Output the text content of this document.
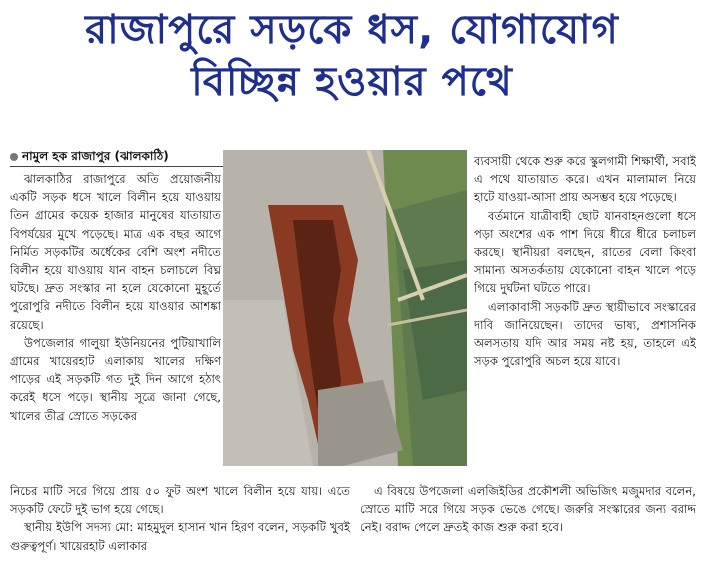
রাজাপুরে সড়কে ধস, যোগাযোগ
বিচ্ছিন্ন হওয়ার পথে
নামুল হক রাজাপুর (ঝালকাঠি)

ঝালকাঠির রাজাপুরে অতি প্রয়োজনীয় একটি সড়ক ধসে খালে বিলীন হয়ে যাওয়ায় তিন গ্রামের কয়েক হাজার মানুষের যাতায়াত বিপর্যয়ের মুখে পড়েছে। মাত্র এক বছর আগে নির্মিত সড়কটির অর্ধেকের বেশি অংশ নদীতে বিলীন হয়ে যাওয়ায় যান বাহন চলাচলে বিঘ্ন ঘটছে। দ্রুত সংস্কার না হলে যেকোনো মুহূর্তে পুরোপুরি নদীতে বিলীন হয়ে যাওয়ার আশঙ্কা রয়েছে।

উপজেলার গালুয়া ইউনিয়নের পুটিয়াখালি গ্রামের খায়েরহাট এলাকায় খালের দক্ষিণ পাড়ের এই সড়কটি গত দুই দিন আগে হঠাৎ করেই ধসে পড়ে। স্থানীয় সূত্রে জানা গেছে, খালের তীব্র স্রোতে সড়কের

ব্যবসায়ী থেকে শুরু করে স্কুলগামী শিক্ষার্থী, সবাই এ পথে যাতায়াত করে। এখন মালামাল নিয়ে হাটে যাওয়া-আসা প্রায় অসম্ভব হয়ে পড়েছে।

বর্তমানে যাত্রীবাহী ছোট যানবাহনগুলো ধসে পড়া অংশের এক পাশ দিয়ে ধীরে ধীরে চলাচল করছে। স্থানীয়রা বলছেন, রাতের বেলা কিংবা সামান্য অসতর্কতায় যেকোনো বাহন খালে পড়ে গিয়ে দুর্ঘটনা ঘটতে পারে।

এলাকাবাসী সড়কটি দ্রুত স্থায়ীভাবে সংস্কারের দাবি জানিয়েছেন। তাদের ভাষ্য, প্রশাসনিক অলসতায় যদি আর সময় নষ্ট হয়, তাহলে এই সড়ক পুরোপুরি অচল হয়ে যাবে।

নিচের মাটি সরে গিয়ে প্রায় ৫০ ফুট অংশ খালে বিলীন হয়ে যায়। এতে সড়কটি ফেটে দুই ভাগ হয়ে গেছে।

স্থানীয় ইউপি সদস্য মো: মাহমুদুল হাসান খান হিরণ বলেন, সড়কটি খুবই গুরুত্বপূর্ণ। খায়েরহাট এলাকার

এ বিষয়ে উপজেলা এলজিইডির প্রকৌশলী অভিজিৎ মজুমদার বলেন, স্রোতে মাটি সরে গিয়ে সড়ক ভেঙে গেছে। জরুরি সংস্কারের জন্য বরাদ্দ নেই। বরাদ্দ পেলে দ্রুতই কাজ শুরু করা হবে।
